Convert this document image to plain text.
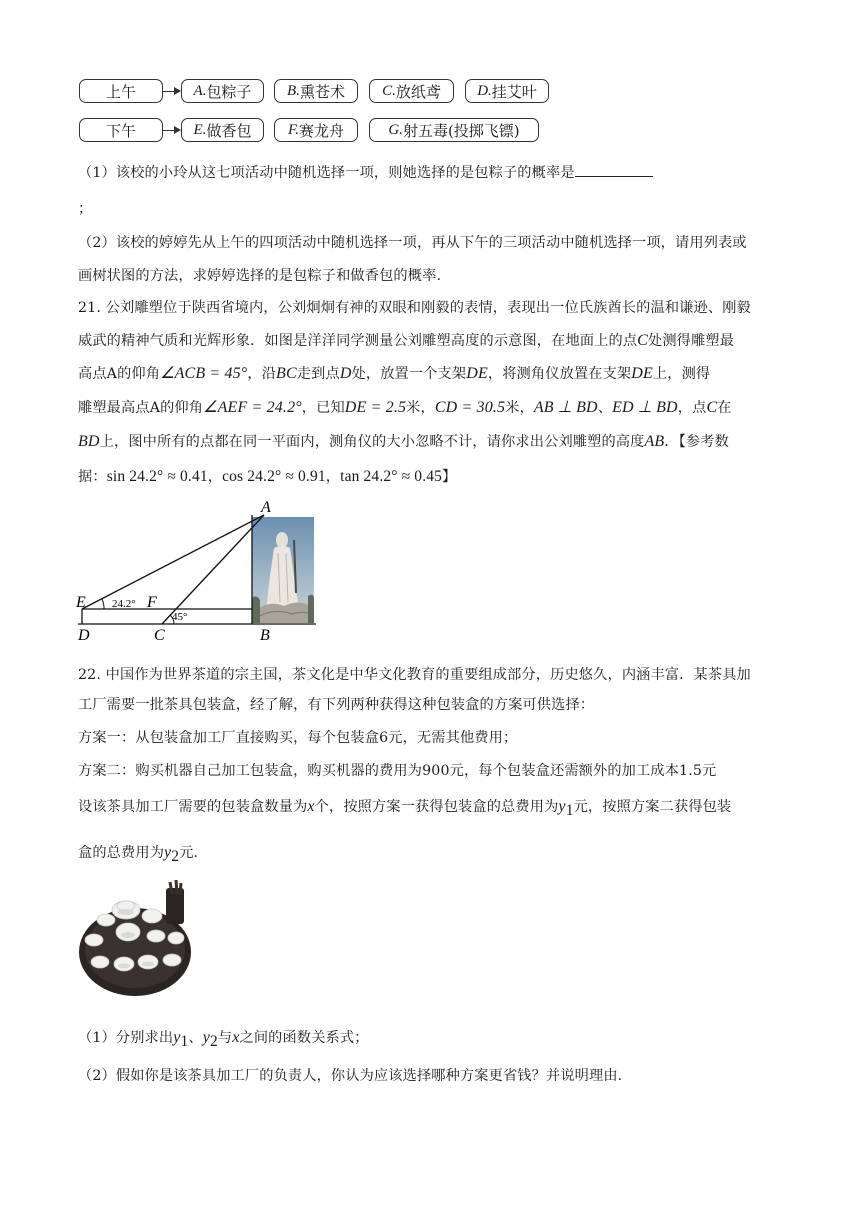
上午	A. 包粽子 B. 熏苍术 C. 放纸鸢 D. 挂艾叶
下午	E. 做香包 F. 赛龙舟	G. 射五毒(投掷飞镖)
（1）该校的小玲从这七项活动中随机选择一项，则她选择的是包粽子的概率是
；
（2）该校的婷婷先从上午的四项活动中随机选择一项，再从下午的三项活动中随机选择一项，请用列表或
画树状图的方法，求婷婷选择的是包粽子和做香包的概率.
21. 公刘雕塑位于陕西省境内，公刘炯炯有神的双眼和刚毅的表情，表现出一位氏族酋长的温和谦逊、刚毅
威武的精神气质和光辉形象．如图是洋洋同学测量公刘雕塑高度的示意图，在地面上的点C处测得雕塑最
高点A的仰角∠ACB = 45°，沿BC走到点D处，放置一个支架DE，将测角仪放置在支架DE上，测得
雕塑最高点A的仰角∠AEF = 24.2°，已知DE = 2.5米，CD = 30.5米，AB ⊥ BD、ED ⊥ BD，点C在
BD上，图中所有的点都在同一平面内，测角仪的大小忽略不计，请你求出公刘雕塑的高度AB．【参考数
据：sin 24.2° ≈ 0.41，cos 24.2° ≈ 0.91，tan 24.2° ≈ 0.45】
24.2°
45°
A
E	F
D	C	B
22. 中国作为世界茶道的宗主国，茶文化是中华文化教育的重要组成部分，历史悠久，内涵丰富．某茶具加
工厂需要一批茶具包装盒，经了解，有下列两种获得这种包装盒的方案可供选择：
方案一：从包装盒加工厂直接购买，每个包装盒6元，无需其他费用；
方案二：购买机器自己加工包装盒，购买机器的费用为900元，每个包装盒还需额外的加工成本1.5元
设该茶具加工厂需要的包装盒数量为x个，按照方案一获得包装盒的总费用为$y_1$元，按照方案二获得包装
盒的总费用为$y_2$元.
（1）分别求出$y_1$、$y_2$与x之间的函数关系式；
（2）假如你是该茶具加工厂的负责人，你认为应该选择哪种方案更省钱？并说明理由.
